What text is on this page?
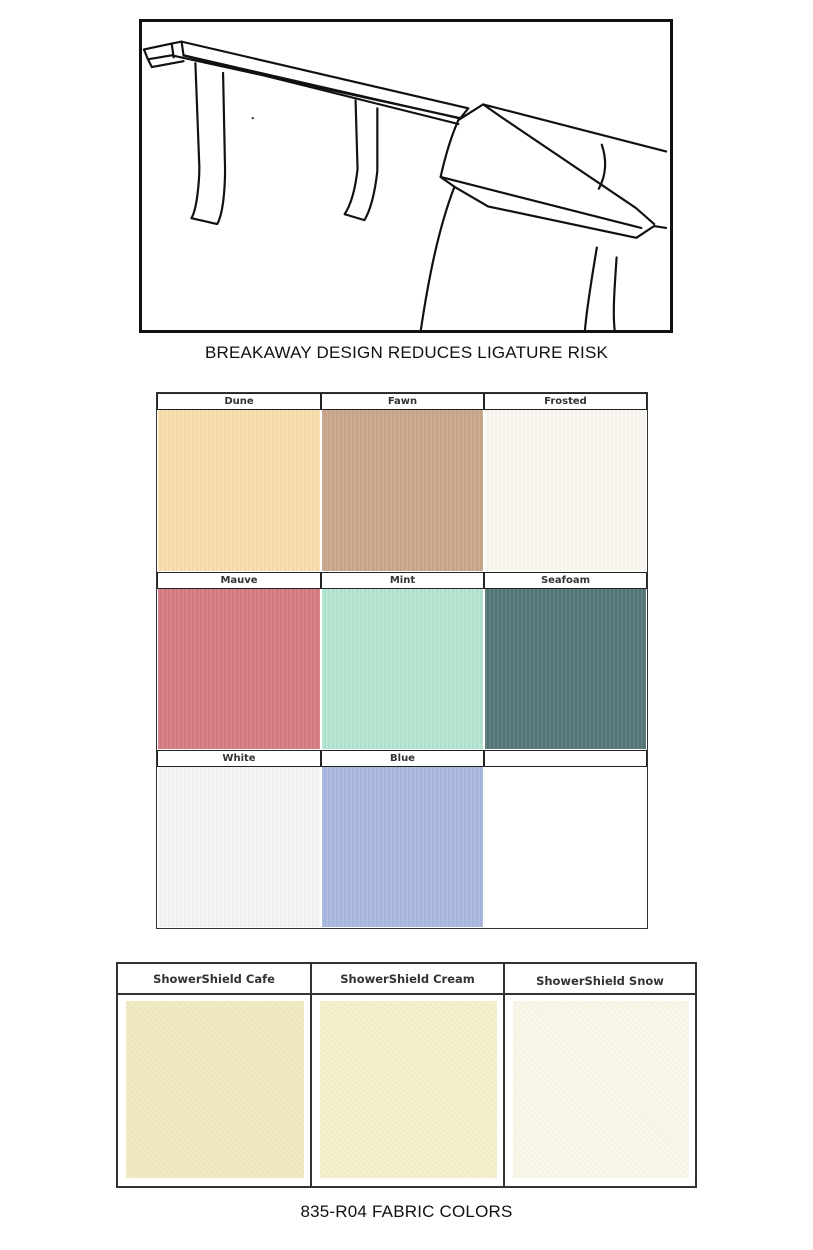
BREAKAWAY DESIGN REDUCES LIGATURE RISK
Dune	Fawn	Frosted
Mauve	Mint	Seafoam
White	Blue
ShowerShield Cafe	ShowerShield Cream	ShowerShield Snow
835-R04 FABRIC COLORS
